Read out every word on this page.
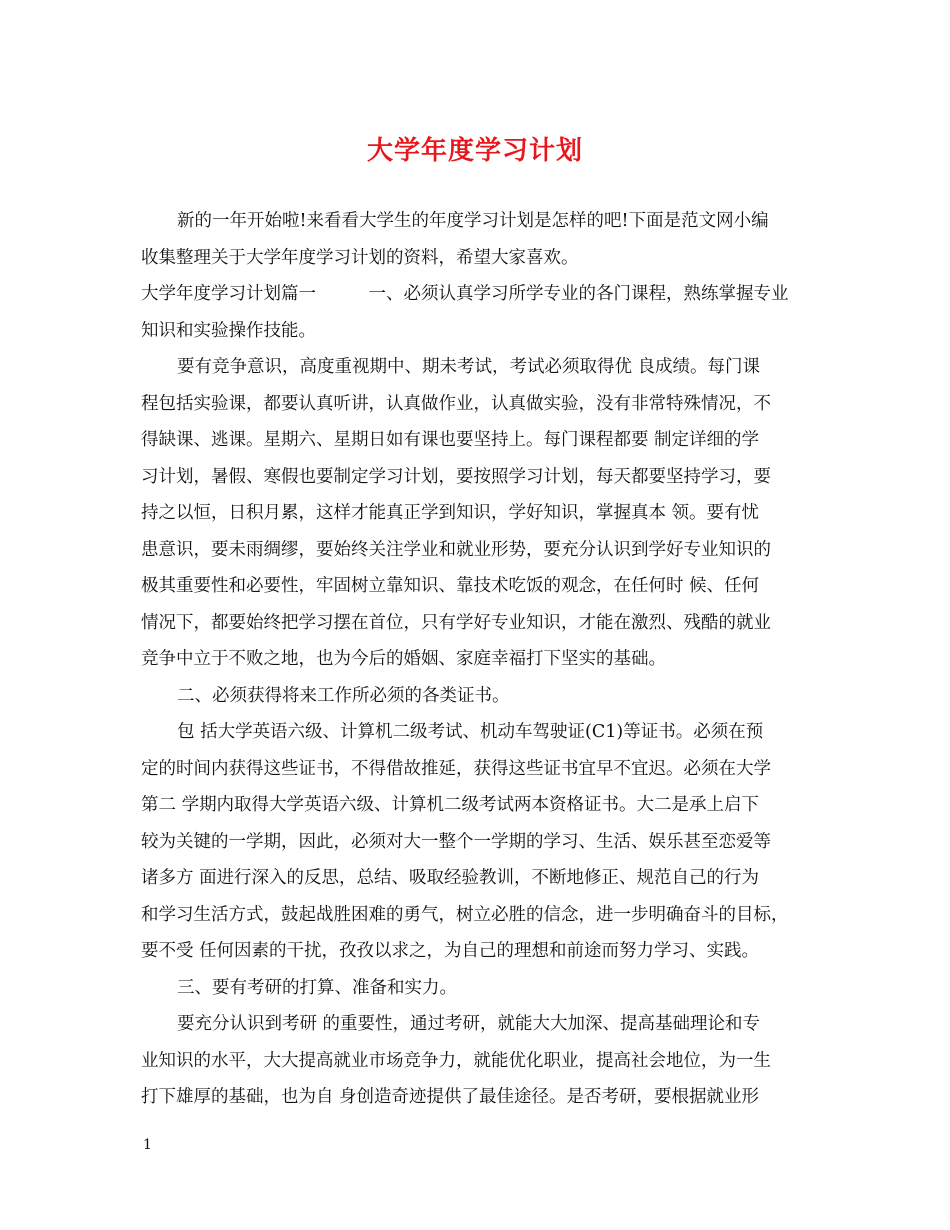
大学年度学习计划
新的一年开始啦!来看看大学生的年度学习计划是怎样的吧!下面是范文网小编
收集整理关于大学年度学习计划的资料，希望大家喜欢。
大学年度学习计划篇一　　　一、必须认真学习所学专业的各门课程，熟练掌握专业
知识和实验操作技能。
要有竞争意识，高度重视期中、期未考试，考试必须取得优 良成绩。每门课
程包括实验课，都要认真听讲，认真做作业，认真做实验，没有非常特殊情况，不
得缺课、逃课。星期六、星期日如有课也要坚持上。每门课程都要 制定详细的学
习计划，暑假、寒假也要制定学习计划，要按照学习计划，每天都要坚持学习，要
持之以恒，日积月累，这样才能真正学到知识，学好知识，掌握真本 领。要有忧
患意识，要未雨绸缪，要始终关注学业和就业形势，要充分认识到学好专业知识的
极其重要性和必要性，牢固树立靠知识、靠技术吃饭的观念，在任何时 候、任何
情况下，都要始终把学习摆在首位，只有学好专业知识，才能在激烈、残酷的就业
竞争中立于不败之地，也为今后的婚姻、家庭幸福打下坚实的基础。
二、必须获得将来工作所必须的各类证书。
包 括大学英语六级、计算机二级考试、机动车驾驶证(C1)等证书。必须在预
定的时间内获得这些证书，不得借故推延，获得这些证书宜早不宜迟。必须在大学
第二 学期内取得大学英语六级、计算机二级考试两本资格证书。大二是承上启下
较为关键的一学期，因此，必须对大一整个一学期的学习、生活、娱乐甚至恋爱等
诸多方 面进行深入的反思，总结、吸取经验教训，不断地修正、规范自己的行为
和学习生活方式，鼓起战胜困难的勇气，树立必胜的信念，进一步明确奋斗的目标，
要不受 任何因素的干扰，孜孜以求之，为自己的理想和前途而努力学习、实践。
三、要有考研的打算、准备和实力。
要充分认识到考研 的重要性，通过考研，就能大大加深、提高基础理论和专
业知识的水平，大大提高就业市场竞争力，就能优化职业，提高社会地位，为一生
打下雄厚的基础，也为自 身创造奇迹提供了最佳途径。是否考研，要根据就业形
1
